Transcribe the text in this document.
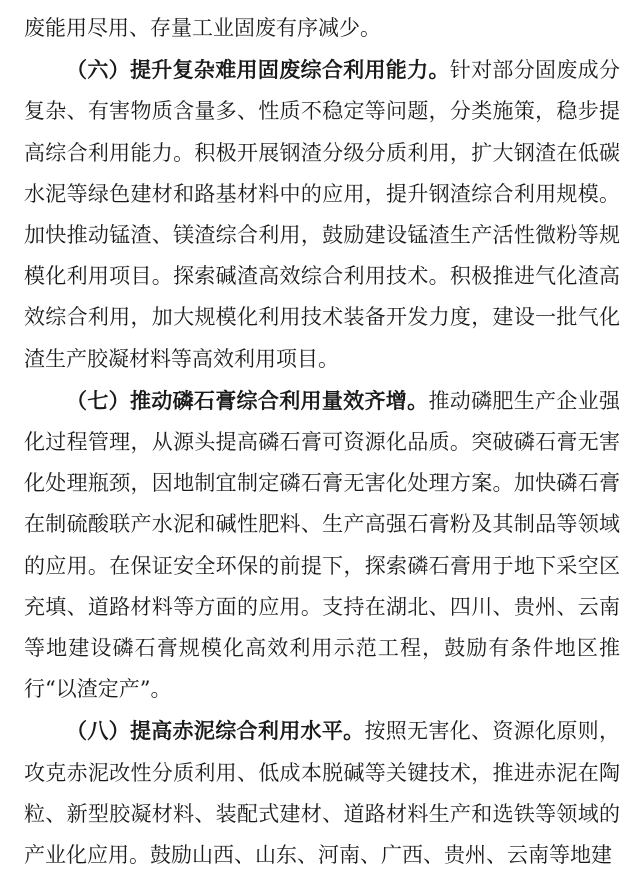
废能用尽用、存量工业固废有序减少。

（六）提升复杂难用固废综合利用能力。针对部分固废成分复杂、有害物质含量多、性质不稳定等问题，分类施策，稳步提高综合利用能力。积极开展钢渣分级分质利用，扩大钢渣在低碳水泥等绿色建材和路基材料中的应用，提升钢渣综合利用规模。加快推动锰渣、镁渣综合利用，鼓励建设锰渣生产活性微粉等规模化利用项目。探索碱渣高效综合利用技术。积极推进气化渣高效综合利用，加大规模化利用技术装备开发力度，建设一批气化渣生产胶凝材料等高效利用项目。

（七）推动磷石膏综合利用量效齐增。推动磷肥生产企业强化过程管理，从源头提高磷石膏可资源化品质。突破磷石膏无害化处理瓶颈，因地制宜制定磷石膏无害化处理方案。加快磷石膏在制硫酸联产水泥和碱性肥料、生产高强石膏粉及其制品等领域的应用。在保证安全环保的前提下，探索磷石膏用于地下采空区充填、道路材料等方面的应用。支持在湖北、四川、贵州、云南等地建设磷石膏规模化高效利用示范工程，鼓励有条件地区推行“以渣定产”。

（八）提高赤泥综合利用水平。按照无害化、资源化原则，攻克赤泥改性分质利用、低成本脱碱等关键技术，推进赤泥在陶粒、新型胶凝材料、装配式建材、道路材料生产和选铁等领域的产业化应用。鼓励山西、山东、河南、广西、贵州、云南等地建
